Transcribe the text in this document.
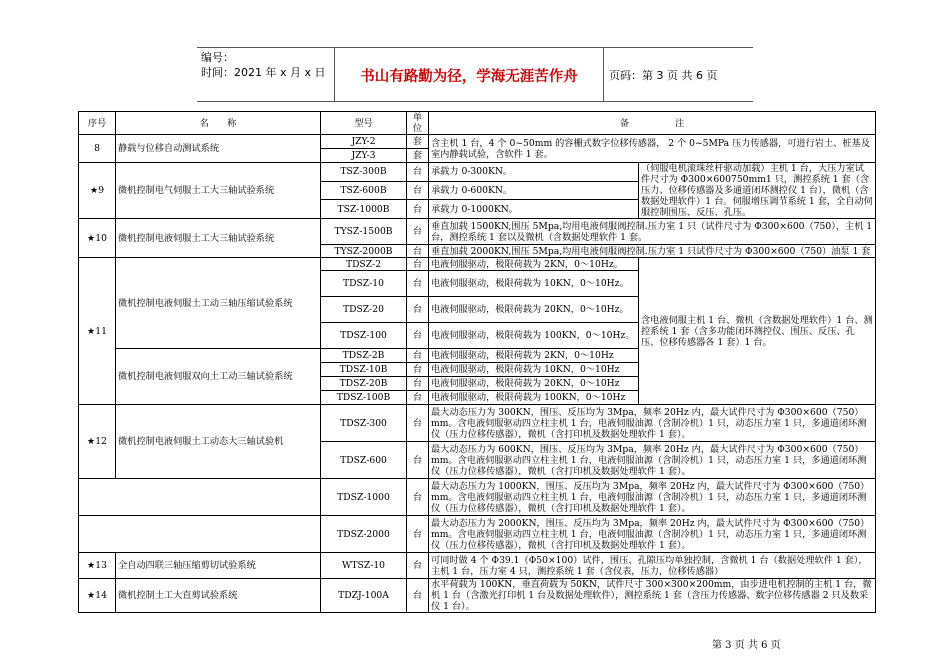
编号：
时间：2021 年 x 月 x 日	书山有路勤为径，学海无涯苦作舟	页码：第 3 页 共 6 页
序号	名　　称	型号	单位	备　　　　　注	
8	静载与位移自动测试系统	JZY-2	套	含主机 1 台，4 个 0~50mm 的容栅式数字位移传感器， 2 个 0~5MPa 压力传感器，可进行岩土、桩基及室内静载试验，含软件 1 套。	
		JZY-3	套		
★9	微机控制电气伺服土工大三轴试验系统	TSZ-300B	台	承载力 0-300KN。	（伺服电机滚珠丝杆驱动加载）主机 1 台，大压力室试件尺寸为 Φ300×600750mm1 只，测控系统 1 套（含压力、位移传感器及多通道闭环测控仪 1 台），微机（含数据处理软件）1 台。伺服增压调节系统 1 套，全自动伺服控制围压、反压、孔压。
		TSZ-600B	台	承载力 0-600KN。	
		TSZ-1000B	台	承载力 0-1000KN。	
★10	微机控制电液伺服土工大三轴试验系统	TYSZ-1500B	台	垂直加载 1500KN,围压 5Mpa,均用电液伺服阀控制.压力室 1 只（试件尺寸为 Φ300×600（750），主机 1 台，测控系统 1 套以及微机（含数据处理软件 1 套。	
		TYSZ-2000B	台	垂直加载 2000KN,围压 5Mpa,均用电液伺服阀控制.压力室 1 只试件尺寸为 Φ300×600（750）油泵 1 套	
★11	微机控制电液伺服土工动三轴压缩试验系统	TDSZ-2	台	电液伺服驱动，极限荷载为 2KN，0～10Hz。	含电液伺服主机 1 台、微机（含数据处理软件）1 台、测控系统 1 套（含多功能闭环测控仪、围压、反压、孔压、位移传感器各 1 套）1 台。
		TDSZ-10	台	电液伺服驱动，极限荷载为 10KN，0～10Hz。	
		TDSZ-20	台	电液伺服驱动，极限荷载为 20KN，0～10Hz。	
		TDSZ-100	台	电液伺服驱动，极限荷载为 100KN，0～10Hz。	
	微机控制电液伺服双向土工动三轴试验系统	TDSZ-2B	台	电液伺服驱动，极限荷载为 2KN，0～10Hz	
		TDSZ-10B	台	电液伺服驱动，极限荷载为 10KN，0～10Hz	
		TDSZ-20B	台	电液伺服驱动，极限荷载为 20KN，0～10Hz	
		TDSZ-100B	台	电液伺服驱动，极限荷载为 100KN，0～10Hz	
★12	微机控制电液伺服土工动态大三轴试验机	TDSZ-300	台	最大动态压力为 300KN，围压、反压均为 3Mpa，频率 20Hz 内，最大试件尺寸为 Φ300×600（750）mm。含电液伺服驱动四立柱主机 1 台，电液伺服油源（含制冷机）1 只，动态压力室 1 只，多通道闭环测仪（压力位移传感器），微机（含打印机及数据处理软件 1 套）。	
		TDSZ-600	台	最大动态压力为 600KN，围压、反压均为 3Mpa，频率 20Hz 内，最大试件尺寸为 Φ300×600（750）mm。含电液伺服驱动四立柱主机 1 台，电液伺服油源（含制冷机）1 只，动态压力室 1 只，多通道闭环测仪（压力位移传感器），微机（含打印机及数据处理软件 1 套）。	
		TDSZ-1000	台	最大动态压力为 1000KN，围压、反压均为 3Mpa，频率 20Hz 内，最大试件尺寸为 Φ300×600（750）mm。含电液伺服驱动四立柱主机 1 台，电液伺服油源（含制冷机）1 只，动态压力室 1 只，多通道闭环测仪（压力位移传感器），微机（含打印机及数据处理软件 1 套）。	
		TDSZ-2000	台	最大动态压力为 2000KN，围压、反压均为 3Mpa，频率 20Hz 内，最大试件尺寸为 Φ300×600（750）mm。含电液伺服驱动四立柱主机 1 台，电液伺服油源（含制冷机）1 只，动态压力室 1 只，多通道闭环测仪（压力位移传感器），微机（含打印机及数据处理软件 1 套）。	
★13	全自动四联三轴压缩剪切试验系统	WTSZ-10	台	可同时做 4 个 Φ39.1（Φ50×100）试件，围压、孔隙压均单独控制，含微机 1 台（数据处理软件 1 套），主机 1 台，压力室 4 只，测控系统 1 套（含仪表，压力，位移传感器）	
★14	微机控制土工大直剪试验系统	TDZJ-100A	台	水平荷载为 100KN，垂直荷载为 50KN，试件尺寸 300×300×200mm，由步进电机控制的主机 1 台，微机 1 台（含激光打印机 1 台及数据处理软件），测控系统 1 套（含压力传感器、数字位移传感器 2 只及数采仪 1 台）。	
第 3 页 共 6 页
